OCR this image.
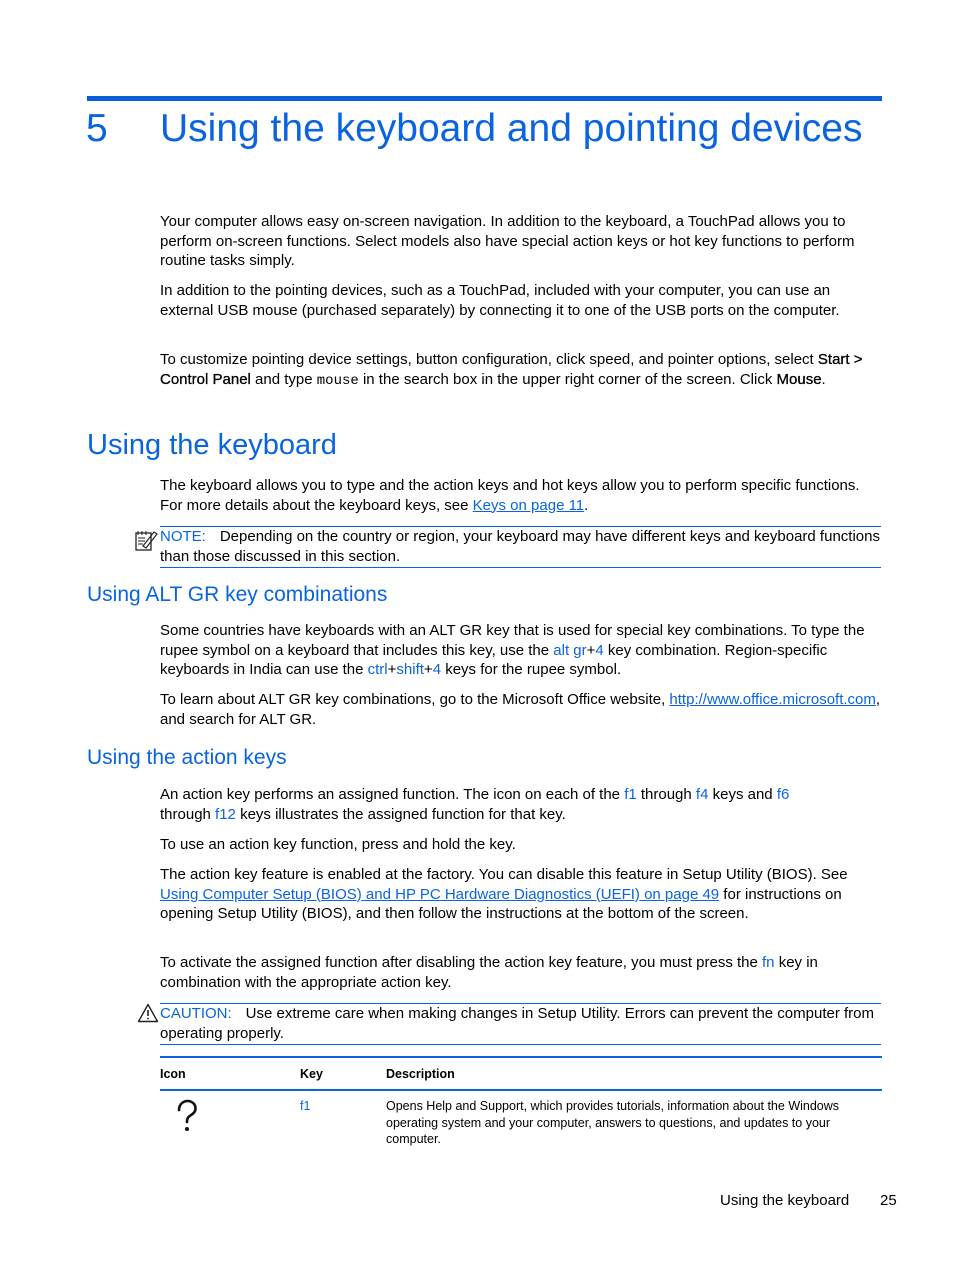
5 Using the keyboard and pointing devices

Your computer allows easy on-screen navigation. In addition to the keyboard, a TouchPad allows you to perform on-screen functions. Select models also have special action keys or hot key functions to perform routine tasks simply.

In addition to the pointing devices, such as a TouchPad, included with your computer, you can use an external USB mouse (purchased separately) by connecting it to one of the USB ports on the computer.

To customize pointing device settings, button configuration, click speed, and pointer options, select Start > Control Panel and type mouse in the search box in the upper right corner of the screen. Click Mouse.

Using the keyboard

The keyboard allows you to type and the action keys and hot keys allow you to perform specific functions. For more details about the keyboard keys, see Keys on page 11.

NOTE: Depending on the country or region, your keyboard may have different keys and keyboard functions than those discussed in this section.
Using ALT GR key combinations

Some countries have keyboards with an ALT GR key that is used for special key combinations. To type the rupee symbol on a keyboard that includes this key, use the alt gr+4 key combination. Region-specific keyboards in India can use the ctrl+shift+4 keys for the rupee symbol.

To learn about ALT GR key combinations, go to the Microsoft Office website, http://www.office.microsoft.com, and search for ALT GR.

Using the action keys

An action key performs an assigned function. The icon on each of the f1 through f4 keys and f6
through f12 keys illustrates the assigned function for that key.

To use an action key function, press and hold the key.

The action key feature is enabled at the factory. You can disable this feature in Setup Utility (BIOS). See Using Computer Setup (BIOS) and HP PC Hardware Diagnostics (UEFI) on page 49 for instructions on opening Setup Utility (BIOS), and then follow the instructions at the bottom of the screen.

To activate the assigned function after disabling the action key feature, you must press the fn key in combination with the appropriate action key.

CAUTION: Use extreme care when making changes in Setup Utility. Errors can prevent the computer from operating properly.
Icon	Key	Description
	f1	Opens Help and Support, which provides tutorials, information about the Windows operating system and your computer, answers to questions, and updates to your computer.
Using the keyboard 25
